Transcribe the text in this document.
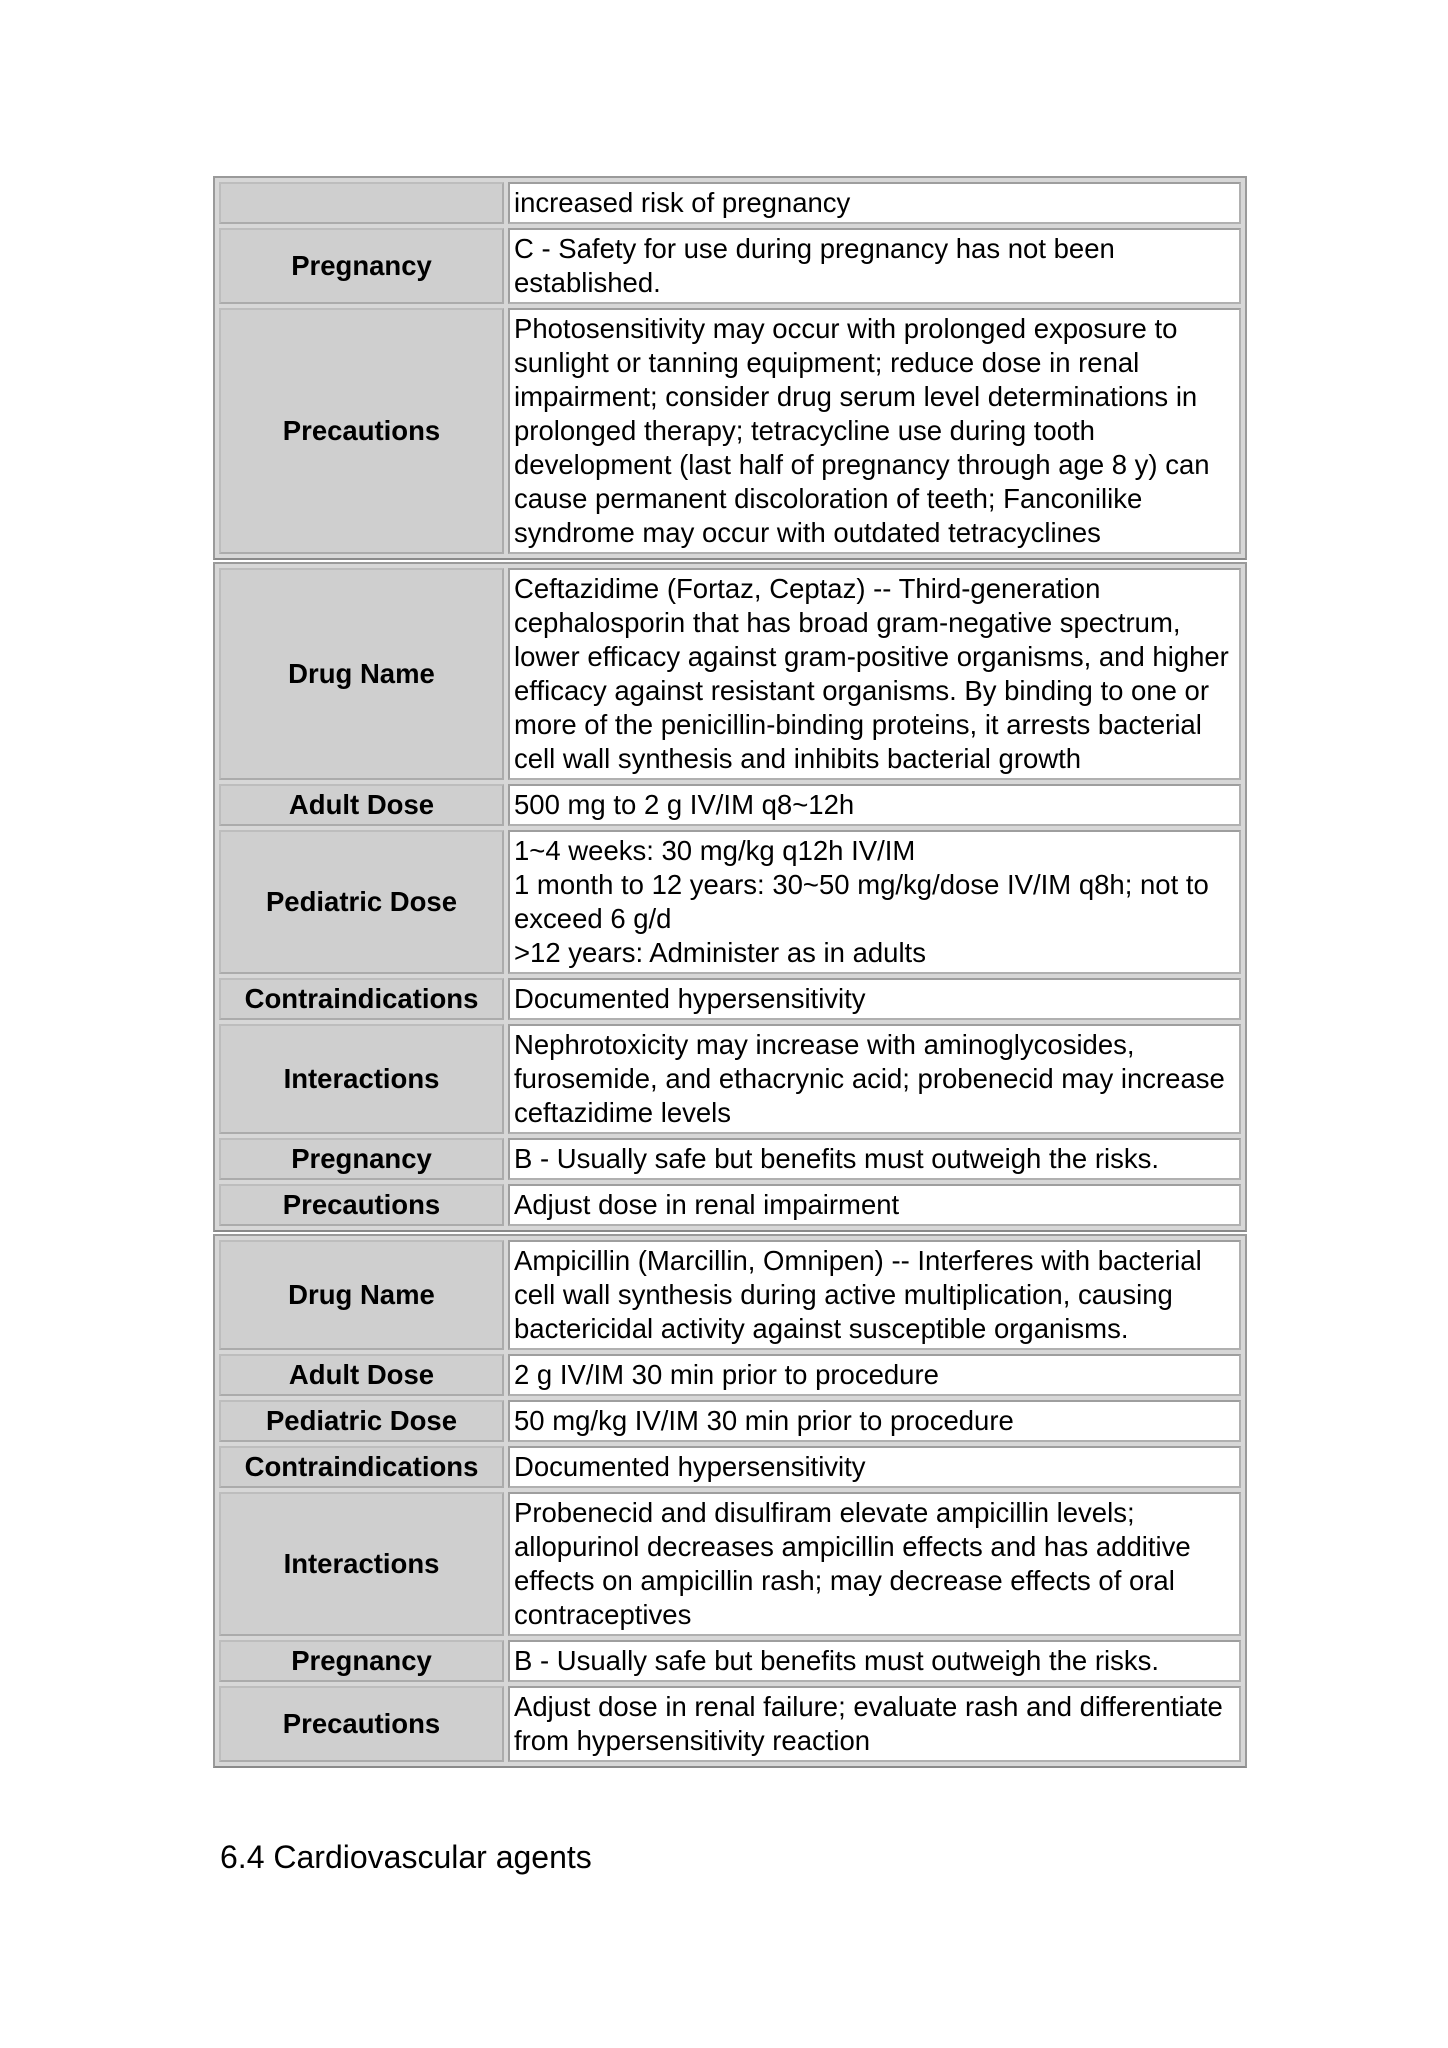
	increased risk of pregnancy
Pregnancy	C - Safety for use during pregnancy has not been established.
Precautions	Photosensitivity may occur with prolonged exposure to sunlight or tanning equipment; reduce dose in renal impairment; consider drug serum level determinations in prolonged therapy; tetracycline use during tooth development (last half of pregnancy through age 8 y) can cause permanent discoloration of teeth; Fanconilike syndrome may occur with outdated tetracyclines
Drug Name	Ceftazidime (Fortaz, Ceptaz) -- Third-generation cephalosporin that has broad gram-negative spectrum, lower efficacy against gram-positive organisms, and higher efficacy against resistant organisms. By binding to one or more of the penicillin-binding proteins, it arrests bacterial cell wall synthesis and inhibits bacterial growth
Adult Dose	500 mg to 2 g IV/IM q8~12h
Pediatric Dose	1~4 weeks: 30 mg/kg q12h IV/IM
1 month to 12 years: 30~50 mg/kg/dose IV/IM q8h; not to exceed 6 g/d
>12 years: Administer as in adults

Contraindications	Documented hypersensitivity
Interactions	Nephrotoxicity may increase with aminoglycosides, furosemide, and ethacrynic acid; probenecid may increase ceftazidime levels
Pregnancy	B - Usually safe but benefits must outweigh the risks.
Precautions	Adjust dose in renal impairment
Drug Name	Ampicillin (Marcillin, Omnipen) -- Interferes with bacterial cell wall synthesis during active multiplication, causing bactericidal activity against susceptible organisms.
Adult Dose	2 g IV/IM 30 min prior to procedure
Pediatric Dose	50 mg/kg IV/IM 30 min prior to procedure
Contraindications	Documented hypersensitivity
Interactions	Probenecid and disulfiram elevate ampicillin levels; allopurinol decreases ampicillin effects and has additive effects on ampicillin rash; may decrease effects of oral contraceptives
Pregnancy	B - Usually safe but benefits must outweigh the risks.
Precautions	Adjust dose in renal failure; evaluate rash and differentiate from hypersensitivity reaction
6.4 Cardiovascular agents
